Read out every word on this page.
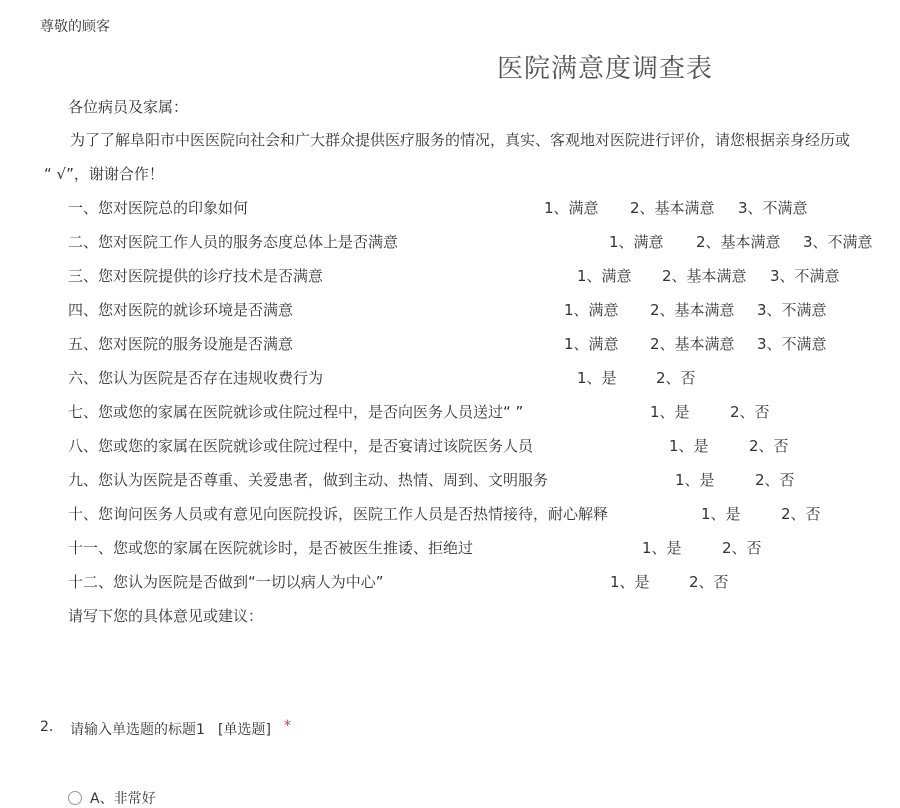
尊敬的顾客
医院满意度调查表
各位病员及家属：
为了了解阜阳市中医医院向社会和广大群众提供医疗服务的情况，真实、客观地对医院进行评价，请您根据亲身经历或
“ √”，谢谢合作！
一、您对医院总的印象如何	1、满意 2、基本满意 3、不满意
二、您对医院工作人员的服务态度总体上是否满意	1、满意 2、基本满意 3、不满意
三、您对医院提供的诊疗技术是否满意	1、满意 2、基本满意 3、不满意
四、您对医院的就诊环境是否满意	1、满意 2、基本满意 3、不满意
五、您对医院的服务设施是否满意	1、满意 2、基本满意 3、不满意
六、您认为医院是否存在违规收费行为	1、是	2、否
七、您或您的家属在医院就诊或住院过程中，是否向医务人员送过“ ”	1、是	2、否
八、您或您的家属在医院就诊或住院过程中，是否宴请过该院医务人员	1、是	2、否
九、您认为医院是否尊重、关爱患者，做到主动、热情、周到、文明服务	1、是	2、否
十、您询问医务人员或有意见向医院投诉，医院工作人员是否热情接待，耐心解释	1、是	2、否
十一、您或您的家属在医院就诊时，是否被医生推诿、拒绝过	1、是	2、否
十二、您认为医院是否做到“一切以病人为中心”	1、是	2、否
请写下您的具体意见或建议：
2. 请输入单选题的标题1 [单选题] *
A、非常好
